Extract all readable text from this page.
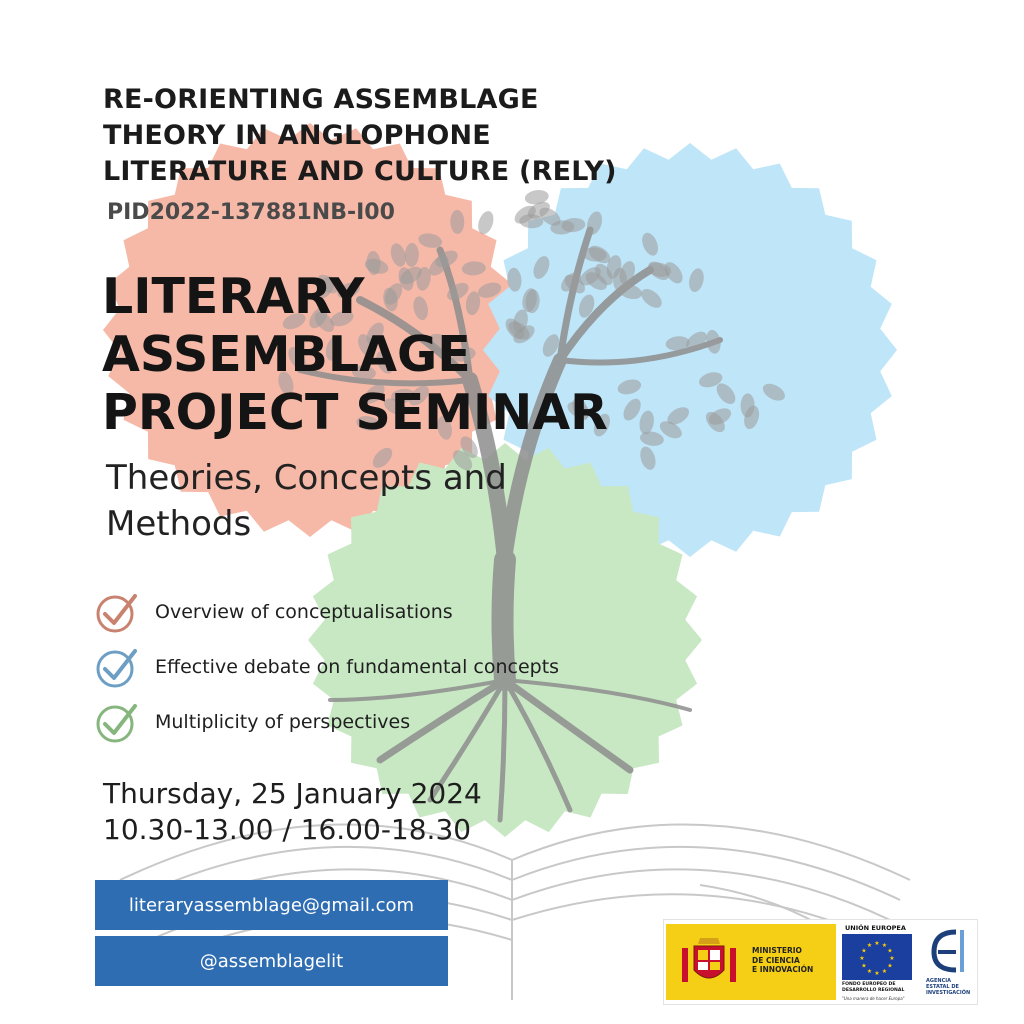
RE-ORIENTING ASSEMBLAGE
THEORY IN ANGLOPHONE
LITERATURE AND CULTURE (RELY)
PID2022-137881NB-I00
LITERARY
ASSEMBLAGE
PROJECT SEMINAR
Theories, Concepts and
Methods
Overview of conceptualisations
Effective debate on fundamental concepts
Multiplicity of perspectives
Thursday, 25 January 2024
10.30-13.00 / 16.00-18.30
literaryassemblage@gmail.com
@assemblagelit	MINISTERIO
DE CIENCIA
E INNOVACIÓN
UNIÓN EUROPEA
★
★
★
★
★
★
★
★
★ ★ ★
★
FONDO EUROPEO DE
DESARROLLO REGIONAL
"Una manera de hacer Europa"
AGENCIA
ESTATAL DE
INVESTIGACIÓN
